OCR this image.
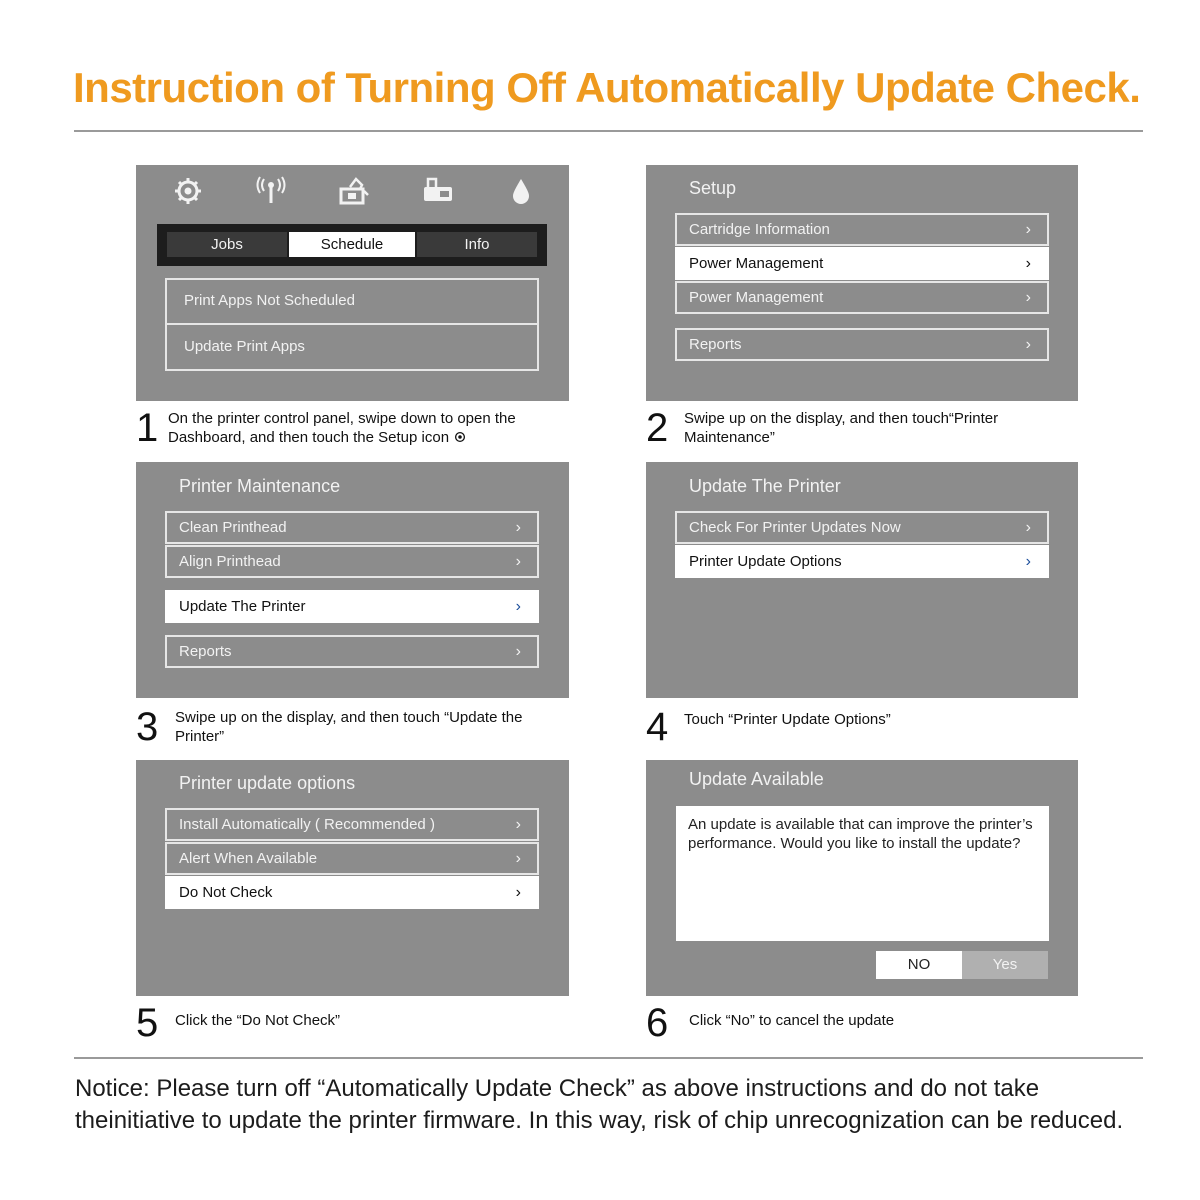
Instruction of Turning Off Automatically Update Check.
Jobs	Schedule	Info
Print Apps Not Scheduled
Update Print Apps
1 On the printer control panel, swipe down to open the Dashboard, and then touch the Setup icon
Setup
Cartridge Information	›
Power Management	›
Power Management	›
Reports	›
2 Swipe up on the display, and then touch“Printer Maintenance”
Printer Maintenance
Clean Printhead	›
Align Printhead	›
Update The Printer	›
Reports	›
3 Swipe up on the display, and then touch “Update the Printer”
Update The Printer
Check For Printer Updates Now	›
Printer Update Options	›
4 Touch “Printer Update Options”
Printer update options
Install Automatically ( Recommended )	›
Alert When Available	›
Do Not Check	›
5 Click the “Do Not Check”
Update Available
An update is available that can improve the printer’s performance. Would you like to install the update?
NO	Yes
6 Click “No” to cancel the update
Notice: Please turn off “Automatically Update Check” as above instructions and do not take theinitiative to update the printer firmware. In this way, risk of chip unrecognization can be reduced.
